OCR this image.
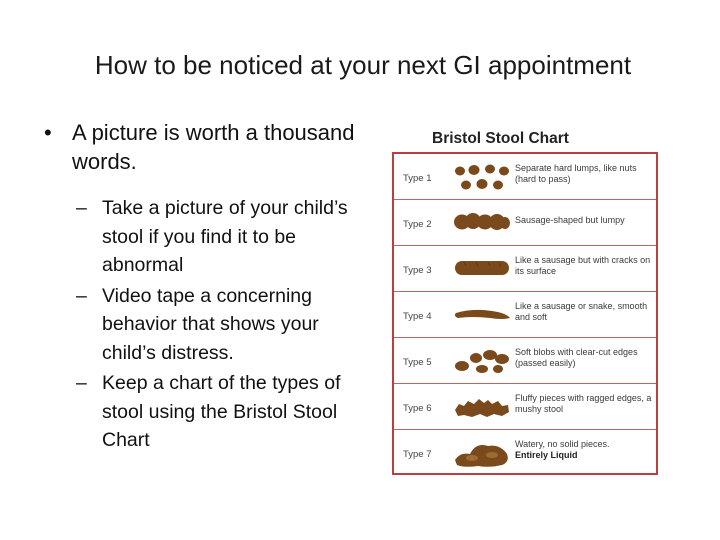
How to be noticed at your next GI appointment
• A picture is worth a thousand words.
– Take a picture of your child’s stool if you find it to be abnormal
– Video tape a concerning behavior that shows your child’s distress.
– Keep a chart of the types of stool using the Bristol Stool Chart
Bristol Stool Chart
Type 1
Separate hard lumps, like nuts (hard to pass)
Type 2	Sausage-shaped but lumpy
Type 3
Like a sausage but with cracks on its surface
Type 4
Like a sausage or snake, smooth and soft
Type 5
Soft blobs with clear-cut edges (passed easily)
Type 6
Fluffy pieces with ragged edges, a mushy stool
Type 7
Watery, no solid pieces.
Entirely Liquid
